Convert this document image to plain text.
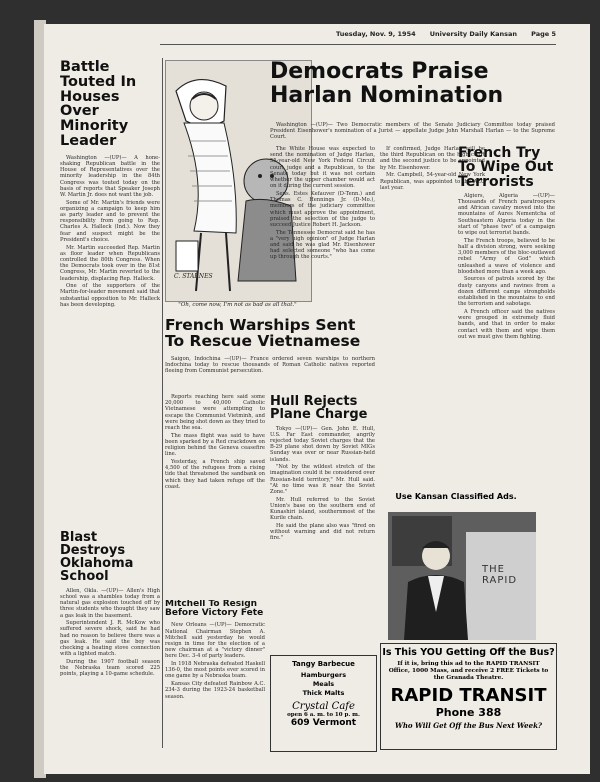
Tuesday, Nov. 9, 1954 University Daily Kansan Page 5
Battle Touted In Houses Over Minority Leader

Washington —(UP)— A hone-shaking Republican battle in the House of Representatives over the minority leadership in the 84th Congress was touted today on the basis of reports that Speaker Joseph W. Martin Jr. does not want the job.

Some of Mr. Martin's friends were organizing a campaign to keep him as party leader and to prevent the responsibility from going to Rep. Charles A. Halleck (Ind.). Now they fear and suspect might be the President's choice.

Mr. Martin succeeded Rep. Martin as floor leader when Republicans controlled the 80th Congress. When the Democrats took over in the 81st Congress, Mr. Martin reverted to the leadership, displacing Rep. Halleck.

One of the supporters of the Martin-for-leader movement said that substantial opposition to Mr. Halleck has been developing.

Blast Destroys Oklahoma School

Allen, Okla. —(UP)— Allen's High school was a shambles today from a natural gas explosion touched off by three students who thought they saw a gas leak in the basement.

Superintendent J. R. McKow who suffered severe shock, said he had had no reason to believe there was a gas leak. He said the boy was checking a heating stove connection with a lighted match.

During the 1907 football season the Nebraska team scored 225 points, playing a 10-game schedule.

C. STARNES
"Oh, come now, I'm not as bad as all that."
French Warships Sent To Rescue Vietnamese

Saigon, Indochina —(UP)— France ordered seven warships to northern Indochina today to rescue thousands of Roman Catholic natives reported fleeing from Communist persecution.

Reports reaching here said some 20,000 to 40,000 Catholic Vietnamese were attempting to escape the Communist Vietminh, and were being shot down as they tried to reach the sea.

The mass flight was said to have been sparked by a Red crackdown on religion behind the Geneva ceasefire line.

Yesterday, a French ship saved 4,500 of the refugees from a rising tide that threatened the sandbank on which they had taken refuge off the coast.

Mitchell To Resign Before Victory Fete

New Orleans —(UP)— Democratic National Chairman Stephen A. Mitchell said yesterday he would resign in time for the election of a new chairman at a "victory dinner" here Dec. 3-4 of party leaders.

In 1918 Nebraska defeated Haskell 136-0, the most points ever scored in one game by a Nebraska team.

Kansas City defeated Rainbow A.C. 234-3 during the 1923-24 basketball season.

Hull Rejects Plane Charge

Tokyo —(UP)— Gen. John E. Hull, U.S. Far East commander, angrily rejected today Soviet charges that the B-29 plane shot down by Soviet MIGs Sunday was over or near Russian-held islands.

"Not by the wildest stretch of the imagination could it be considered over Russian-held territory," Mr. Hull said. "At no time was it near the Soviet Zone."

Mr. Hull referred to the Soviet Union's base on the southern end of Kunashiri island, southernmost of the Kurile chain.

He said the plane also was "fired on without warning and did not return fire."

Tangy Barbecue
Hamburgers
Meals
Thick Malts
Crystal Cafe
open 6 a. m. to 10 p. m.
609 Vermont
Democrats Praise Harlan Nomination

Washington —(UP)— Two Democratic members of the Senate Judiciary Committee today praised President Eisenhower's nomination of a Jurist — appellate Judge John Marshall Harlan — to the Supreme Court.

The White House was expected to send the nomination of Judge Harlan, 55-year-old New York Federal Circuit court judge and a Republican, to the Senate today but it was not certain whether the upper chamber would act on it during the current session.

Sens. Estes Kefauver (D-Tenn.) and Thomas C. Hennings Jr. (D-Mo.), members of the judiciary committee which must approve the appointment, praised the selection of the judge to succeed Justice Robert H. Jackson.

The Tennessee Democrat said he has a "very high opinion" of Judge Harlan and said he was glad Mr. Eisenhower had selected someone "who has come up through the courts."

If confirmed, Judge Harlan will be the third Republican on the high court and the second justice to be appointed by Mr. Eisenhower.

Mr. Campbell, 54-year-old New York Republican, was appointed to the AEC last year.

French Try To Wipe Out Terrorists

Algiers, Algeria —(UP)— Thousands of French paratroopers and African cavalry moved into the mountains of Aures Nementcha of Southeastern Algeria today in the start of "phase two" of a campaign to wipe out terrorist bands.

The French troops, believed to be half a division strong, were seeking 3,000 members of the bloc-outlawed rebel "Army of God" which unleashed a wave of violence and bloodshed more than a week ago.

Sources of patrols scored by the dusty canyons and ravines from a dozen different camps strongholds established in the mountains to end the terrorism and sabotage.

A French officer said the natives were grouped in extremely fluid bands, and that in order to make contact with them and wipe them out we must give them fighting.

Use Kansan Classified Ads.
THE RAPID
Is This YOU Getting Off the Bus?
If it is, bring this ad to the RAPID TRANSIT Office, 1000 Mass, and receive 2 FREE Tickets to the Granada Theatre.
RAPID TRANSIT
Phone 388
Who Will Get Off the Bus Next Week?
